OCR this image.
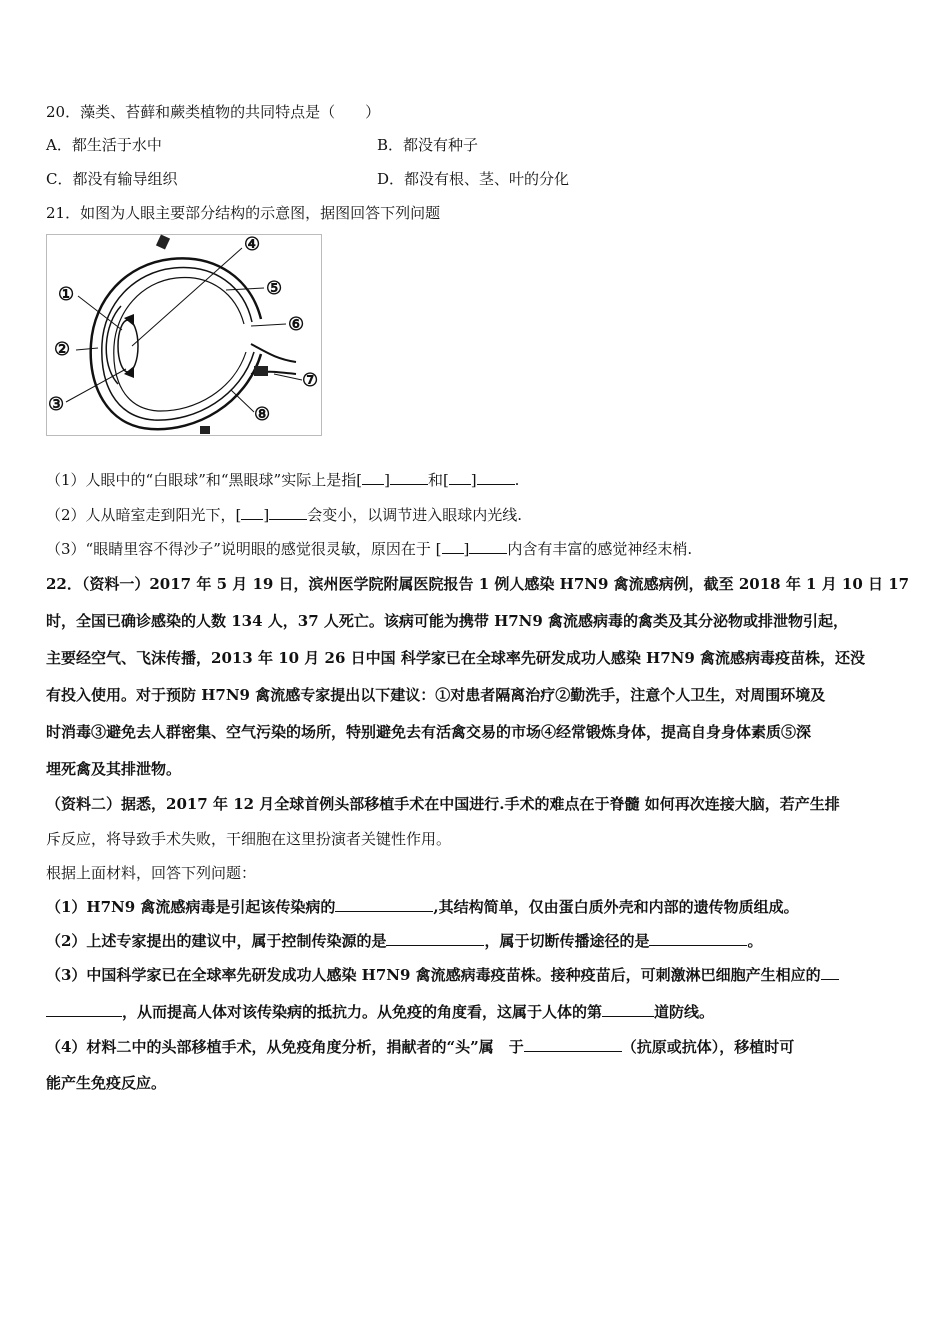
20．藻类、苔藓和蕨类植物的共同特点是（　　）
A．都生活于水中	B．都没有种子
C．都没有输导组织	D．都没有根、茎、叶的分化
21．如图为人眼主要部分结构的示意图，据图回答下列问题
①
②
③
④
⑤
⑥
⑦
⑧
（1）人眼中的“白眼球”和“黑眼球”实际上是指[ ]	和[ ]	.
（2）人从暗室走到阳光下，[ ]	会变小，以调节进入眼球内光线.
（3）“眼睛里容不得沙子”说明眼的感觉很灵敏，原因在于 [ ]	内含有丰富的感觉神经末梢.
22．（资料一）2017 年 5 月 19 日，滨州医学院附属医院报告 1 例人感染 H7N9 禽流感病例，截至 2018 年 1 月 10 日 17
时，全国已确诊感染的人数 134 人，37 人死亡。该病可能为携带 H7N9 禽流感病毒的禽类及其分泌物或排泄物引起，
主要经空气、飞沫传播，2013 年 10 月 26 日中国 科学家已在全球率先研发成功人感染 H7N9 禽流感病毒疫苗株，还没
有投入使用。对于预防 H7N9 禽流感专家提出以下建议：①对患者隔离治疗②勤洗手，注意个人卫生，对周围环境及
时消毒③避免去人群密集、空气污染的场所，特别避免去有活禽交易的市场④经常锻炼身体，提高自身身体素质⑤深
埋死禽及其排泄物。
（资料二）据悉，2017 年 12 月全球首例头部移植手术在中国进行.手术的难点在于脊髓 如何再次连接大脑，若产生排
斥反应，将导致手术失败，干细胞在这里扮演者关键性作用。
根据上面材料，回答下列问题：
（1）H7N9 禽流感病毒是引起该传染病的	,其结构简单，仅由蛋白质外壳和内部的遗传物质组成。
（2）上述专家提出的建议中，属于控制传染源的是	，属于切断传播途径的是	。
（3）中国科学家已在全球率先研发成功人感染 H7N9 禽流感病毒疫苗株。接种疫苗后，可刺激淋巴细胞产生相应的
，从而提高人体对该传染病的抵抗力。从免疫的角度看，这属于人体的第	道防线。
（4）材料二中的头部移植手术，从免疫角度分析，捐献者的“头”属　于	（抗原或抗体），移植时可
能产生免疫反应。
